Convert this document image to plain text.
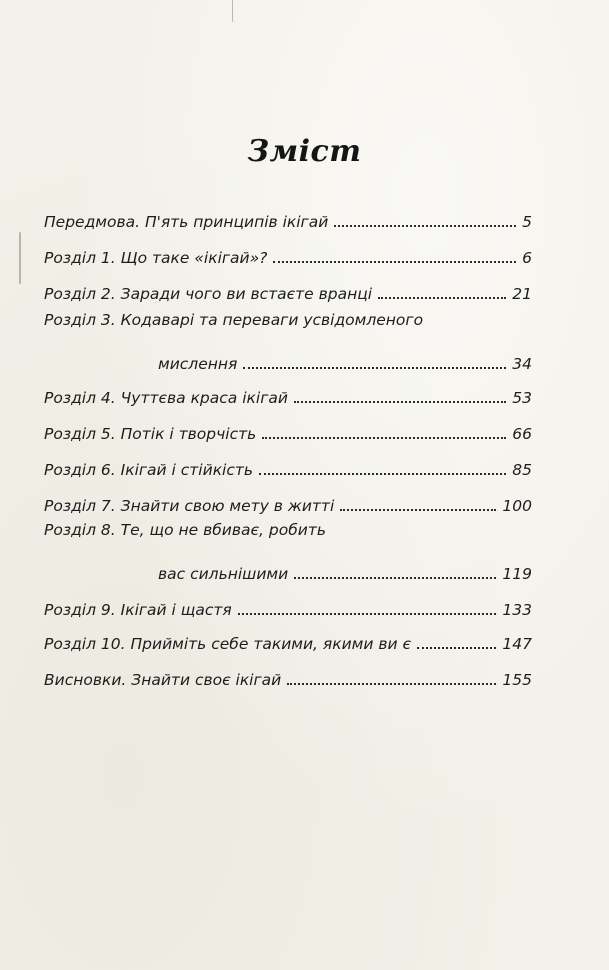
Зміст
Передмова. П'ять принципів ікігай	5
Розділ 1. Що таке «ікігай»?	6
Розділ 2. Заради чого ви встаєте вранці	21
Розділ 3. Кодаварі та переваги усвідомленого
мислення	34
Розділ 4. Чуттєва краса ікігай	53
Розділ 5. Потік і творчість	66
Розділ 6. Ікігай і стійкість	85
Розділ 7. Знайти свою мету в житті	100
Розділ 8. Те, що не вбиває, робить
вас сильнішими	119
Розділ 9. Ікігай і щастя	133
Розділ 10. Прийміть себе такими, якими ви є	147
Висновки. Знайти своє ікігай	155
